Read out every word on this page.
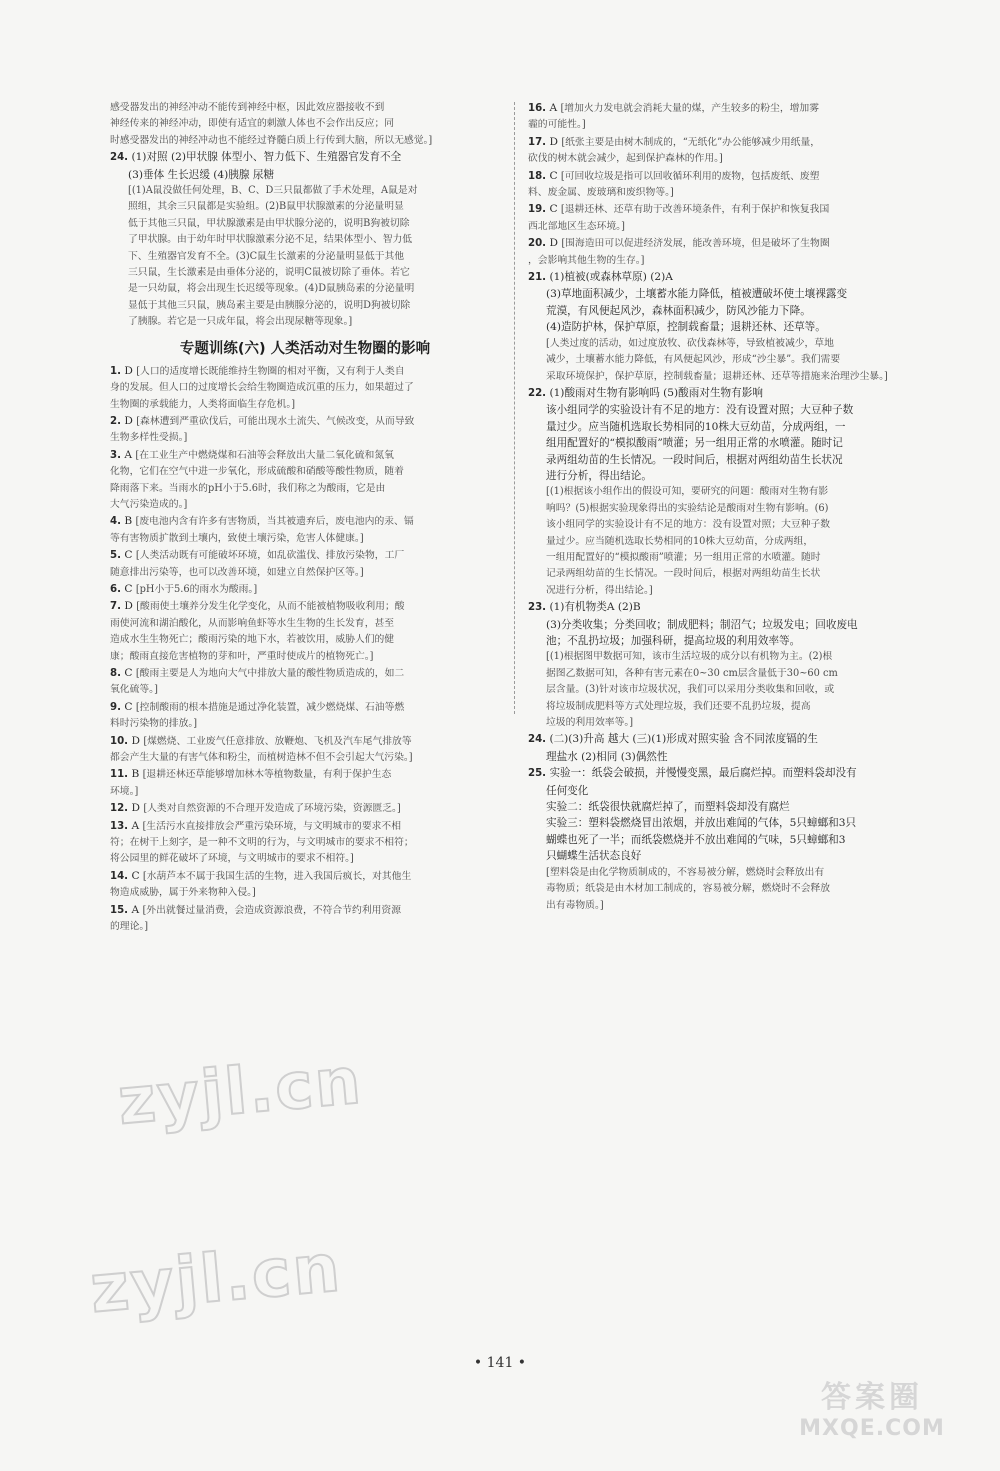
感受器发出的神经冲动不能传到神经中枢，因此效应器接收不到
神经传来的神经冲动，即使有适宜的刺激人体也不会作出反应；同
时感受器发出的神经冲动也不能经过脊髓白质上行传到大脑，所以无感觉。]
24. (1)对照 (2)甲状腺 体型小、智力低下、生殖器官发育不全
(3)垂体 生长迟缓 (4)胰腺 尿糖
[(1)A鼠没做任何处理，B、C、D三只鼠都做了手术处理，A鼠是对
照组，其余三只鼠都是实验组。(2)B鼠甲状腺激素的分泌量明显
低于其他三只鼠，甲状腺激素是由甲状腺分泌的，说明B狗被切除
了甲状腺。由于幼年时甲状腺激素分泌不足，结果体型小、智力低
下、生殖器官发育不全。(3)C鼠生长激素的分泌量明显低于其他
三只鼠，生长激素是由垂体分泌的，说明C鼠被切除了垂体。若它
是一只幼鼠，将会出现生长迟缓等现象。(4)D鼠胰岛素的分泌量明
显低于其他三只鼠，胰岛素主要是由胰腺分泌的，说明D狗被切除
了胰腺。若它是一只成年鼠，将会出现尿糖等现象。]
专题训练(六) 人类活动对生物圈的影响
1. D [人口的适度增长既能维持生物圈的相对平衡，又有利于人类自
身的发展。但人口的过度增长会给生物圈造成沉重的压力，如果超过了
生物圈的承载能力，人类将面临生存危机。]
2. D [森林遭到严重砍伐后，可能出现水土流失、气候改变，从而导致
生物多样性受损。]
3. A [在工业生产中燃烧煤和石油等会释放出大量二氧化硫和氮氧
化物，它们在空气中进一步氧化，形成硫酸和硝酸等酸性物质，随着
降雨落下来。当雨水的pH小于5.6时，我们称之为酸雨，它是由
大气污染造成的。]
4. B [废电池内含有许多有害物质，当其被遗弃后，废电池内的汞、镉
等有害物质扩散到土壤内，致使土壤污染，危害人体健康。]
5. C [人类活动既有可能破坏环境，如乱砍滥伐、排放污染物，工厂
随意排出污染等，也可以改善环境，如建立自然保护区等。]
6. C [pH小于5.6的雨水为酸雨。]
7. D [酸雨使土壤养分发生化学变化，从而不能被植物吸收利用；酸
雨使河流和湖泊酸化，从而影响鱼虾等水生生物的生长发育，甚至
造成水生生物死亡；酸雨污染的地下水，若被饮用，威胁人们的健
康；酸雨直接危害植物的芽和叶，严重时使成片的植物死亡。]
8. C [酸雨主要是人为地向大气中排放大量的酸性物质造成的，如二
氧化硫等。]
9. C [控制酸雨的根本措施是通过净化装置，减少燃烧煤、石油等燃
料时污染物的排放。]
10. D [煤燃烧、工业废气任意排放、放鞭炮、飞机及汽车尾气排放等
都会产生大量的有害气体和粉尘，而植树造林不但不会引起大气污染。]
11. B [退耕还林还草能够增加林木等植物数量，有利于保护生态
环境。]
12. D [人类对自然资源的不合理开发造成了环境污染，资源匮乏。]
13. A [生活污水直接排放会严重污染环境，与文明城市的要求不相
符；在树干上刻字，是一种不文明的行为，与文明城市的要求不相符；
将公园里的鲜花破坏了环境，与文明城市的要求不相符。]
14. C [水葫芦本不属于我国生活的生物，进入我国后疯长，对其他生
物造成威胁，属于外来物种入侵。]
15. A [外出就餐过量消费，会造成资源浪费，不符合节约利用资源
的理论。]
16. A [增加火力发电就会消耗大量的煤，产生较多的粉尘，增加雾
霾的可能性。]
17. D [纸张主要是由树木制成的，“无纸化”办公能够减少用纸量，
砍伐的树木就会减少，起到保护森林的作用。]
18. C [可回收垃圾是指可以回收循环利用的废物，包括废纸、废塑
料、废金属、废玻璃和废织物等。]
19. C [退耕还林、还草有助于改善环境条件，有利于保护和恢复我国
西北部地区生态环境。]
20. D [围海造田可以促进经济发展，能改善环境，但是破坏了生物圈
，会影响其他生物的生存。]
21. (1)植被(或森林草原) (2)A
(3)草地面积减少，土壤蓄水能力降低，植被遭破坏使土壤裸露变
荒漠，有风便起风沙，森林面积减少，防风沙能力下降。
(4)造防护林，保护草原，控制载畜量；退耕还林、还草等。
[人类过度的活动，如过度放牧、砍伐森林等，导致植被减少，草地
减少，土壤蓄水能力降低，有风便起风沙，形成“沙尘暴”。我们需要
采取环境保护，保护草原，控制载畜量；退耕还林、还草等措施来治理沙尘暴。]
22. (1)酸雨对生物有影响吗 (5)酸雨对生物有影响
该小组同学的实验设计有不足的地方：没有设置对照；大豆种子数
量过少。应当随机选取长势相同的10株大豆幼苗，分成两组，一
组用配置好的“模拟酸雨”喷灌；另一组用正常的水喷灌。随时记
录两组幼苗的生长情况。一段时间后，根据对两组幼苗生长状况
进行分析，得出结论。
[(1)根据该小组作出的假设可知，要研究的问题：酸雨对生物有影
响吗？(5)根据实验现象得出的实验结论是酸雨对生物有影响。(6)
该小组同学的实验设计有不足的地方：没有设置对照；大豆种子数
量过少。应当随机选取长势相同的10株大豆幼苗，分成两组，
一组用配置好的“模拟酸雨”喷灌；另一组用正常的水喷灌。随时
记录两组幼苗的生长情况。一段时间后，根据对两组幼苗生长状
况进行分析，得出结论。]
23. (1)有机物类A (2)B
(3)分类收集；分类回收；制成肥料；制沼气；垃圾发电；回收废电
池；不乱扔垃圾；加强科研，提高垃圾的利用效率等。
[(1)根据图甲数据可知，该市生活垃圾的成分以有机物为主。(2)根
据图乙数据可知，各种有害元素在0~30 cm层含量低于30~60 cm
层含量。(3)针对该市垃圾状况，我们可以采用分类收集和回收，或
将垃圾制成肥料等方式处理垃圾，我们还要不乱扔垃圾，提高
垃圾的利用效率等。]
24. (二)(3)升高 越大 (三)(1)形成对照实验 含不同浓度镉的生
理盐水 (2)相同 (3)偶然性
25. 实验一：纸袋会破损，并慢慢变黑，最后腐烂掉。而塑料袋却没有
任何变化
实验二：纸袋很快就腐烂掉了，而塑料袋却没有腐烂
实验三：塑料袋燃烧冒出浓烟，并放出难闻的气体，5只蟑螂和3只
蝴蝶也死了一半；而纸袋燃烧并不放出难闻的气味，5只蟑螂和3
只蝴蝶生活状态良好
[塑料袋是由化学物质制成的，不容易被分解，燃烧时会释放出有
毒物质；纸袋是由木材加工制成的，容易被分解，燃烧时不会释放
出有毒物质。]
zyjl.cn
zyjl.cn
• 141 •
答案圈
MXQE.COM
